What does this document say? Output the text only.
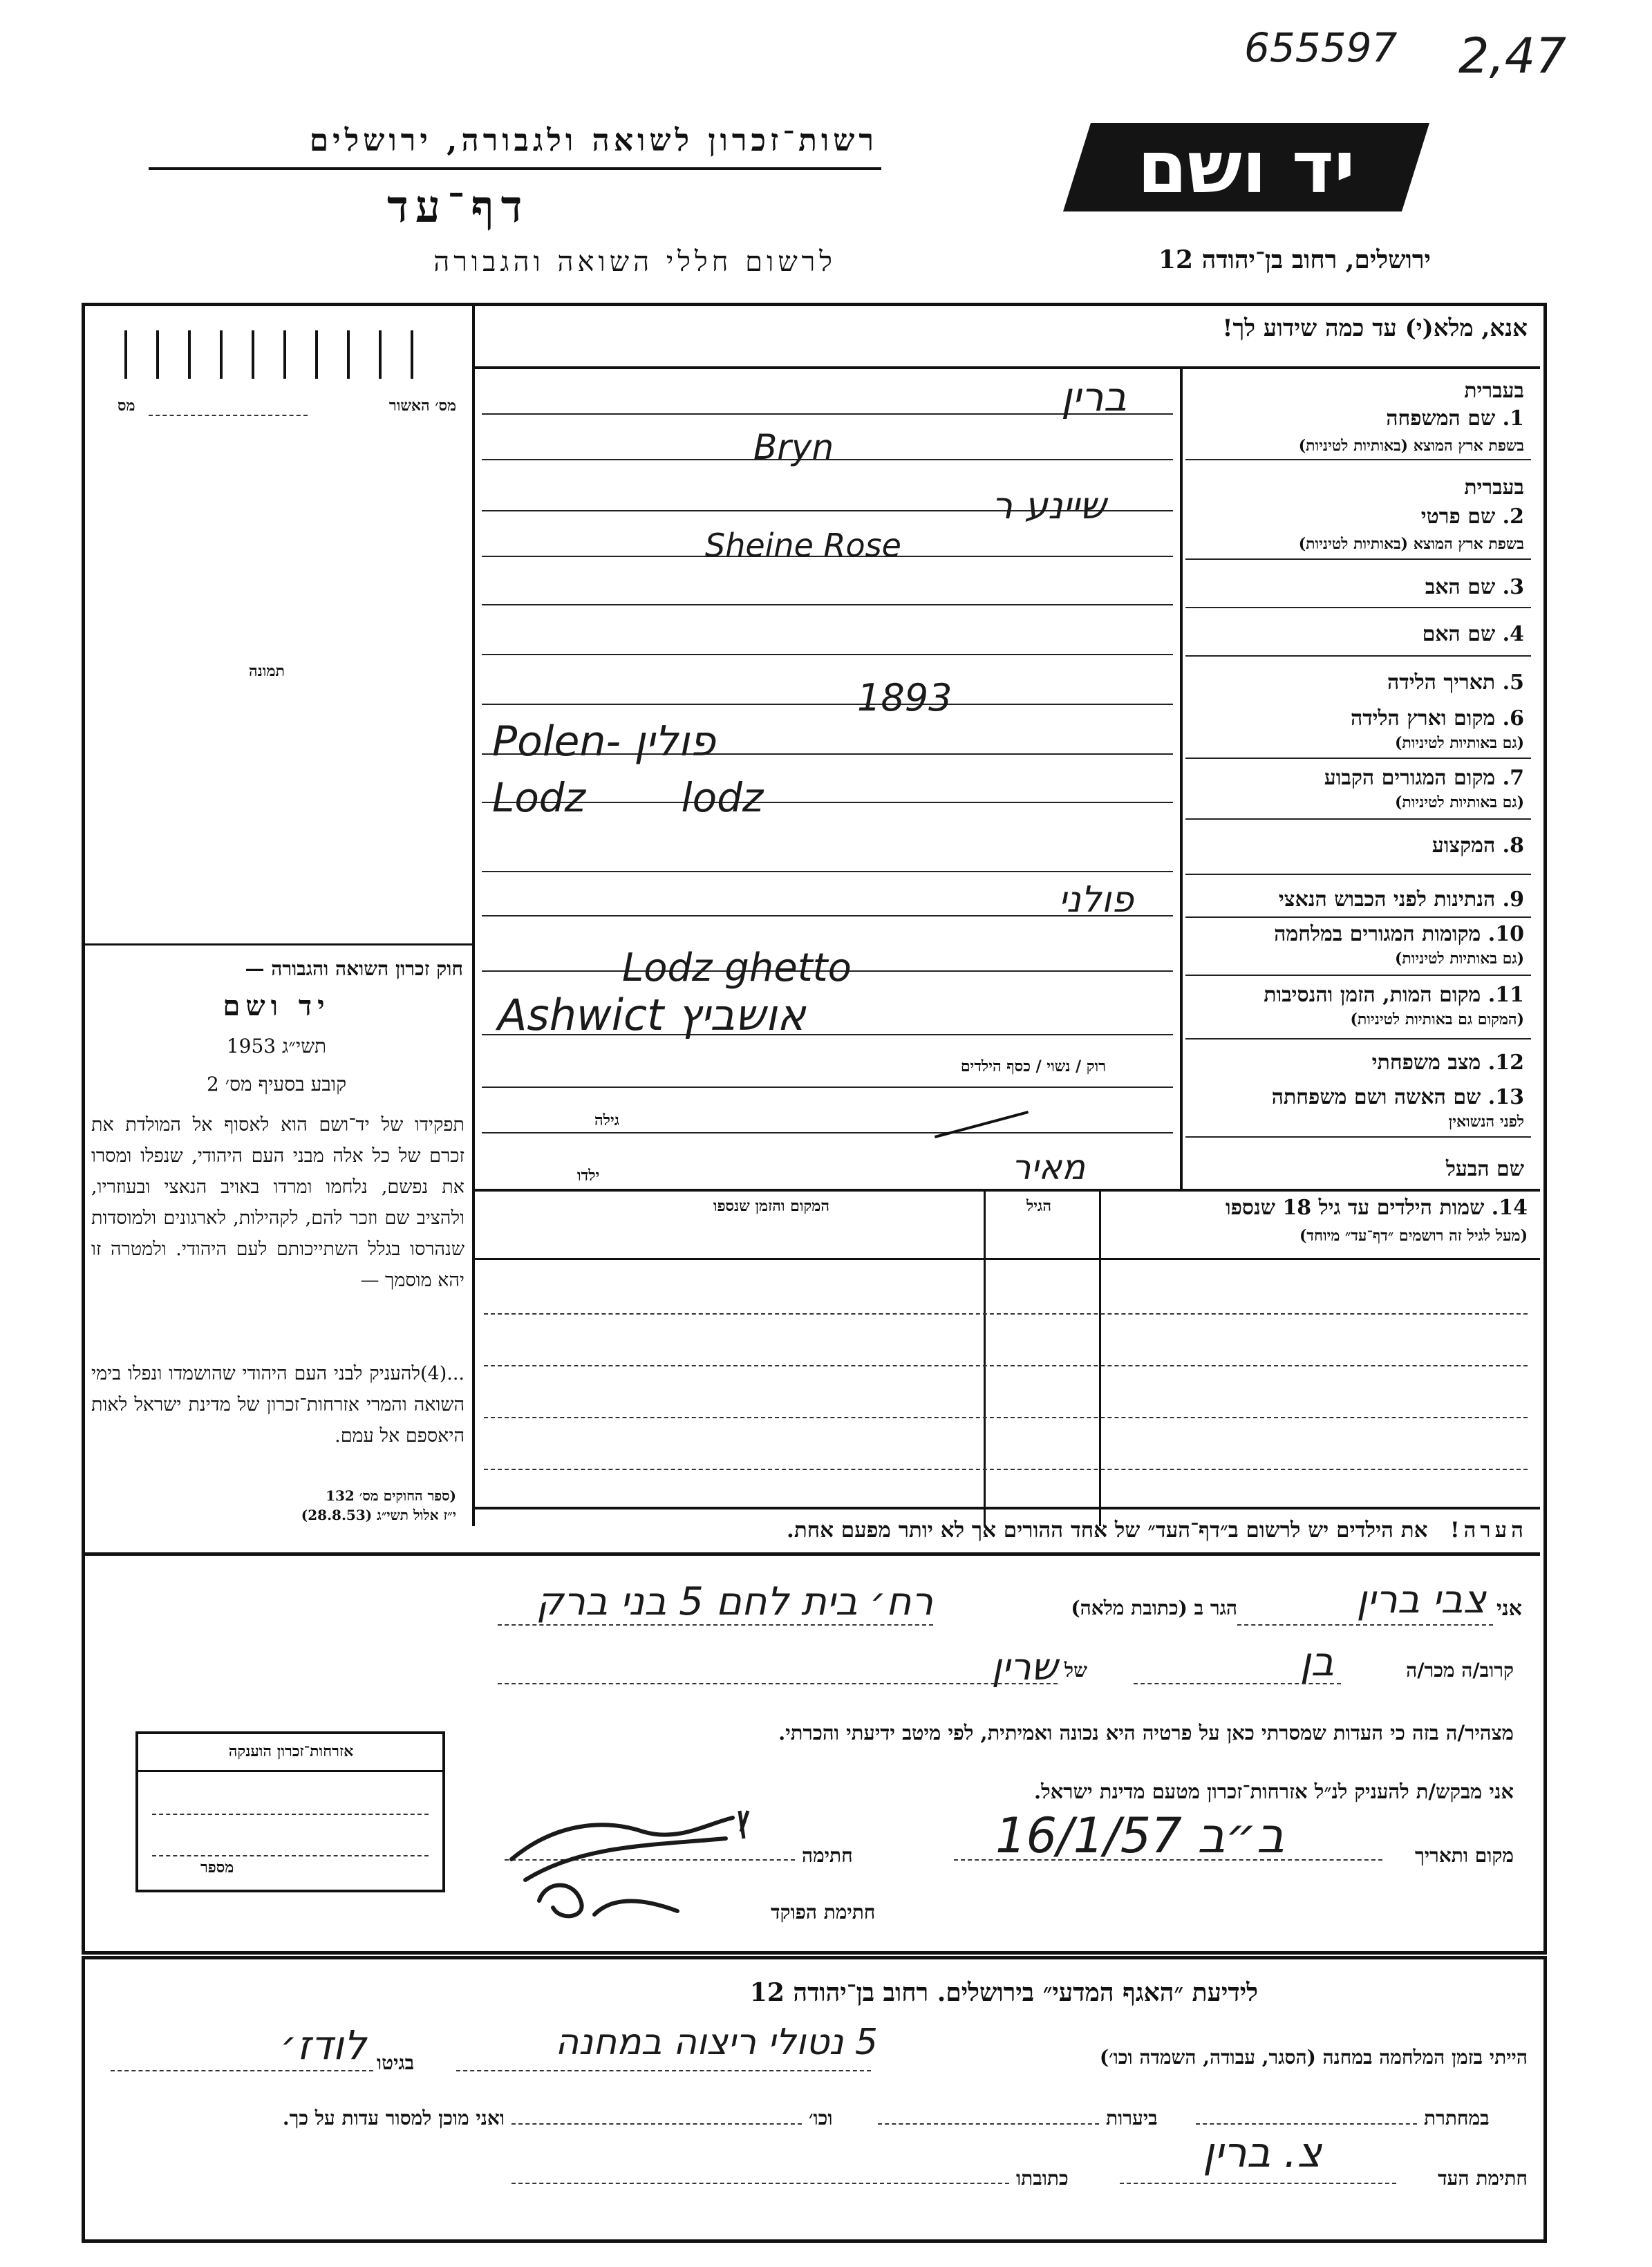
655597 2,47
רשות־זכרון לשואה ולגבורה, ירושלים
דף־עד
לרשום חללי השואה והגבורה
יד ושם
ירושלים, רחוב בן־יהודה 12
אנא, מלא(י) עד כמה שידוע לך!
מס׳ האשור
מס
תמונה
חוק זכרון השואה והגבורה —
יד ושם
תשי״ג 1953
קובע בסעיף מס׳ 2
תפקידו של יד־ושם הוא לאסוף אל המולדת את זכרם של כל אלה מבני העם היהודי, שנפלו ומסרו את נפשם, נלחמו ומרדו באויב הנאצי ובעוזריו, ולהציב שם וזכר להם, לקהילות, לארגונים ולמוסדות שנהרסו בגלל השתייכותם לעם היהודי. ולמטרה זו יהא מוסמך —
...(4)להעניק לבני העם היהודי שהושמדו ונפלו בימי השואה והמרי אזרחות־זכרון של מדינת ישראל לאות היאספם אל עמם.
(ספר החוקים מס׳ 132
י״ז אלול תשי״ג (28.8.53)
בעברית
1. שם המשפחה
בשפת ארץ המוצא (באותיות לטיניות)
בעברית
2. שם פרטי
בשפת ארץ המוצא (באותיות לטיניות)
3. שם האב
4. שם האם
5. תאריך הלידה
6. מקום וארץ הלידה
(גם באותיות לטיניות)
7. מקום המגורים הקבוע
(גם באותיות לטיניות)
8. המקצוע
9. הנתינות לפני הכבוש הנאצי
10. מקומות המגורים במלחמה
(גם באותיות לטיניות)
11. מקום המות, הזמן והנסיבות
(המקום גם באותיות לטיניות)
12. מצב משפחתי
13. שם האשה ושם משפחתה
לפני הנשואין
שם הבעל
ברין
Bryn
שיינע ר
Sheine Rose
1893
Polen- פולין
Lodz lodz
פולני
Lodz ghetto
Ashwict אושביץ
רוק / נשוי / כסף הילדים
גילה
ילדו	מאיר
14. שמות הילדים עד גיל 18 שנספו
(מעל לגיל זה רושמים ״דף־עד״ מיוחד)
הגיל
המקום והזמן שנספו
הערה!   את הילדים יש לרשום ב״דף־העד״ של אחד ההורים אך לא יותר מפעם אחת.
אני
צבי ברין
הגר ב (כתובת מלאה)
רח׳ בית לחם 5 בני ברק
קרוב/ה מכר/ה
בן
של
שרין
מצהיר/ה בזה כי העדות שמסרתי כאן על פרטיה היא נכונה ואמיתית, לפי מיטב ידיעתי והכרתי.
אני מבקש/ת להעניק לנ״ל אזרחות־זכרון מטעם מדינת ישראל.
מקום ותאריך
ב״ב 16/1/57
חתימה
חתימת הפוקד
אזרחות־זכרון הוענקה
מספר
לידיעת ״האגף המדעי״ בירושלים. רחוב בן־יהודה 12
הייתי בזמן המלחמה במחנה (הסגר, עבודה, השמדה וכו׳)
5 נטולי ריצוה במחנה
בגיטו
לודז׳
במחתרת
ביערות
וכו׳
ואני מוכן למסור עדות על כך.
חתימת העד
צ. ברין
כתובתו
